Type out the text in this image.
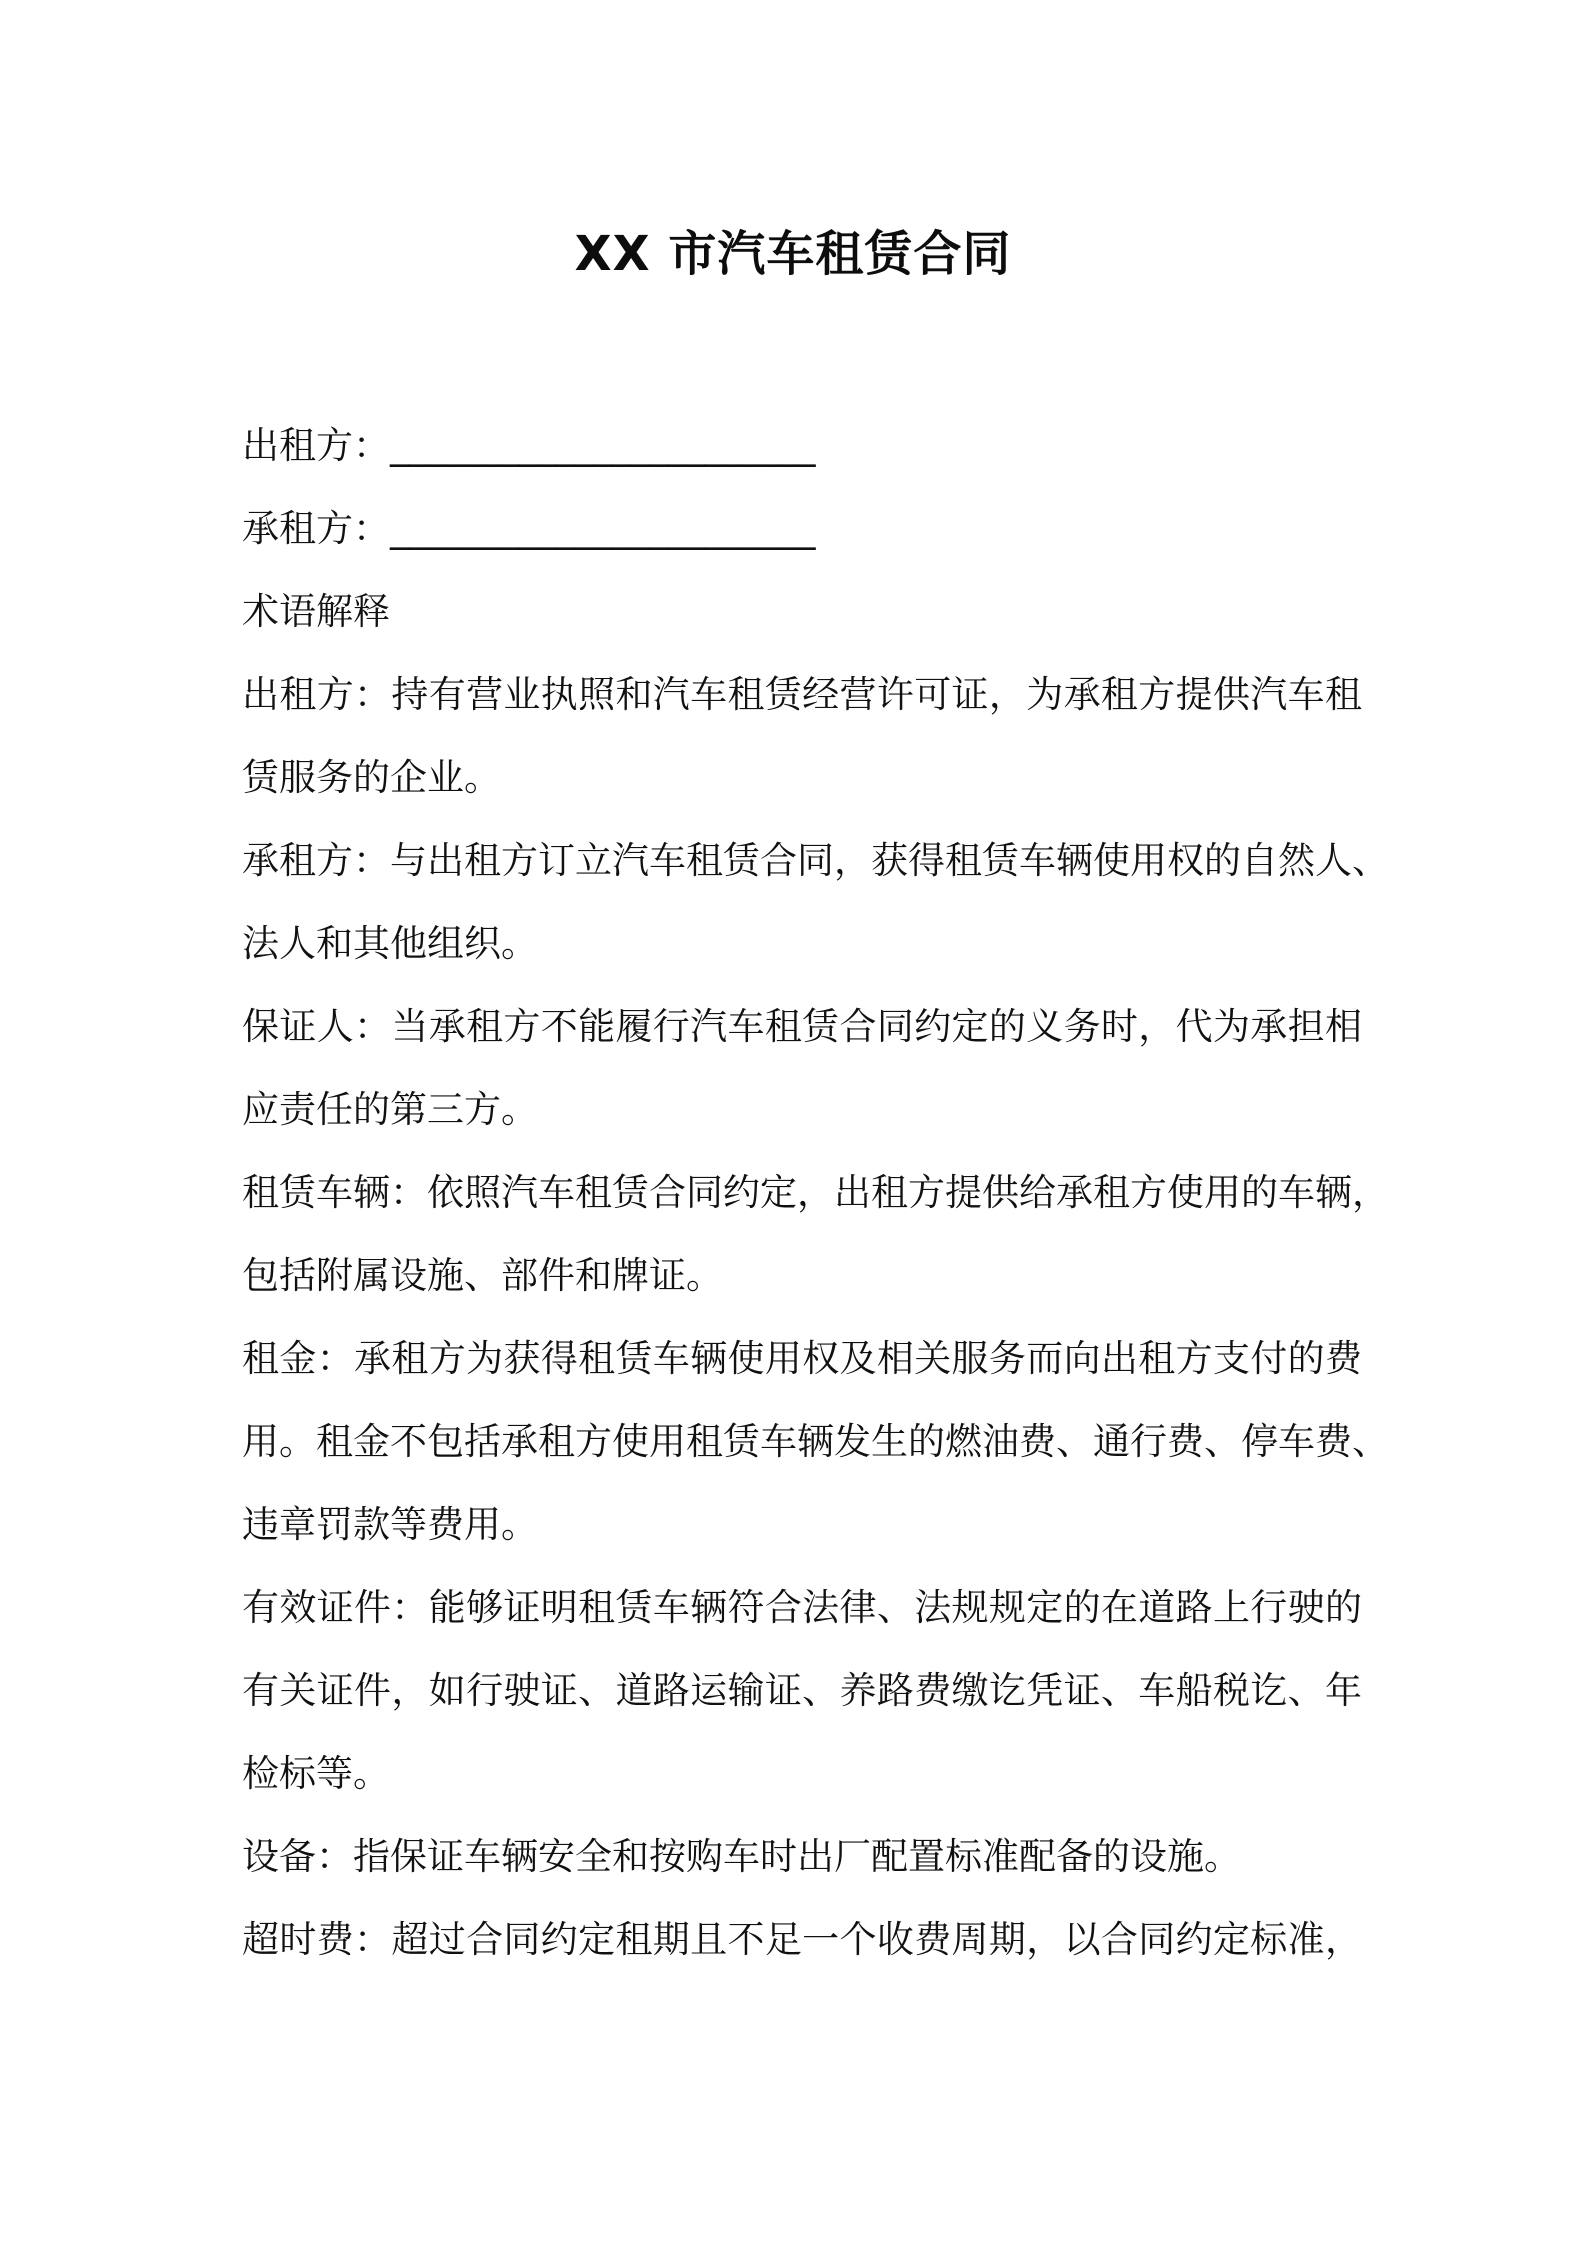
XX 市汽车租赁合同
出租方：_______________________
承租方：_______________________
术语解释
出租方：持有营业执照和汽车租赁经营许可证，为承租方提供汽车租
赁服务的企业。
承租方：与出租方订立汽车租赁合同，获得租赁车辆使用权的自然人、
法人和其他组织。
保证人：当承租方不能履行汽车租赁合同约定的义务时，代为承担相
应责任的第三方。
租赁车辆：依照汽车租赁合同约定，出租方提供给承租方使用的车辆，
包括附属设施、部件和牌证。
租金：承租方为获得租赁车辆使用权及相关服务而向出租方支付的费
用。租金不包括承租方使用租赁车辆发生的燃油费、通行费、停车费、
违章罚款等费用。
有效证件：能够证明租赁车辆符合法律、法规规定的在道路上行驶的
有关证件，如行驶证、道路运输证、养路费缴讫凭证、车船税讫、年
检标等。
设备：指保证车辆安全和按购车时出厂配置标准配备的设施。
超时费：超过合同约定租期且不足一个收费周期，以合同约定标准，
